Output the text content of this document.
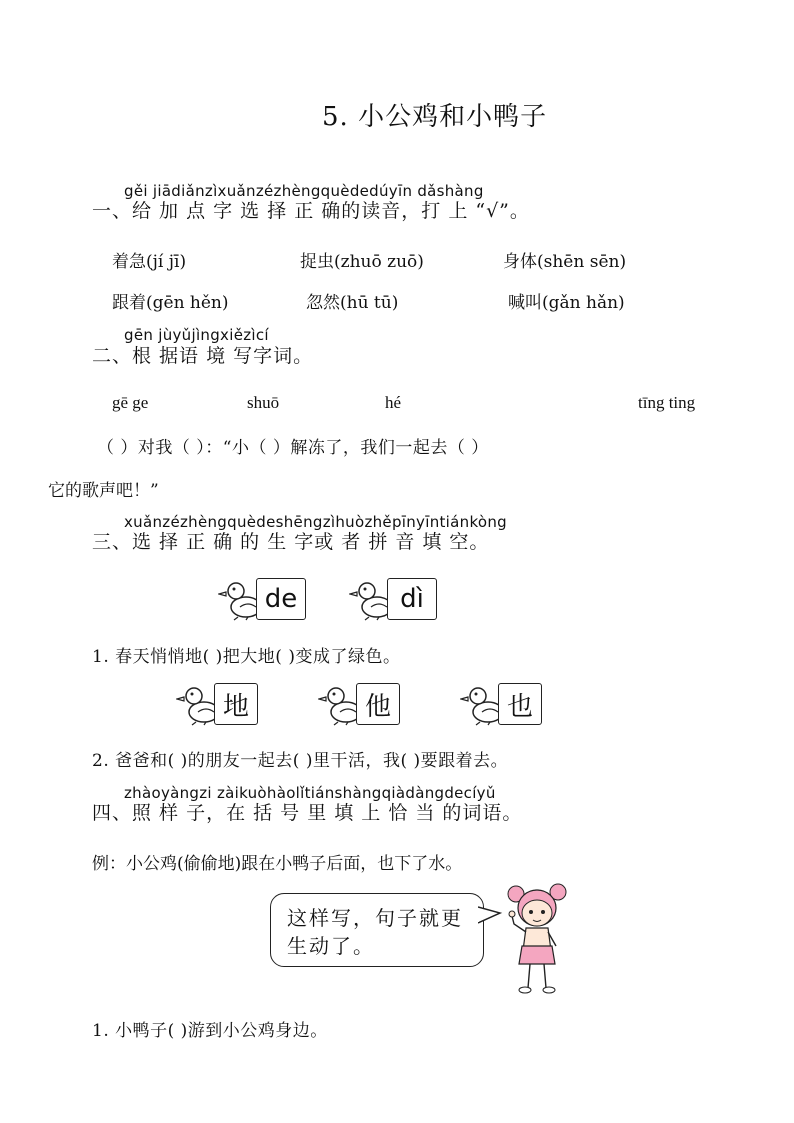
5. 小公鸡和小鸭子
gěi jiādiǎnzìxuǎnzézhèngquèdedúyīn dǎshàng
一、给 加 点 字 选 择 正 确的读音，打 上 “√”。
着急(jí jī)	捉虫(zhuō zuō)	身体(shēn sēn)
跟着(gēn hěn)	忽然(hū tū)	喊叫(gǎn hǎn)
gēn jùyǔjìngxiězìcí
二、根 据语 境 写字词。
gē ge	shuō	hé	tīng ting
（ ）对我（ ）：“小（ ）解冻了，我们一起去（ ）
它的歌声吧！”
xuǎnzézhèngquèdeshēngzìhuòzhěpīnyīntiánkòng
三、选 择 正 确 的 生 字或 者 拼 音 填 空。
de	dì
1. 春天悄悄地( )把大地( )变成了绿色。
地	他	也
2. 爸爸和( )的朋友一起去( )里干活，我( )要跟着去。
zhàoyàngzi zàikuòhàolǐtiánshàngqiàdàngdecíyǔ
四、照 样 子，在 括 号 里 填 上 恰 当 的词语。
例：小公鸡(偷偷地)跟在小鸭子后面，也下了水。
这样写，句子就更生动了。
1. 小鸭子( )游到小公鸡身边。
